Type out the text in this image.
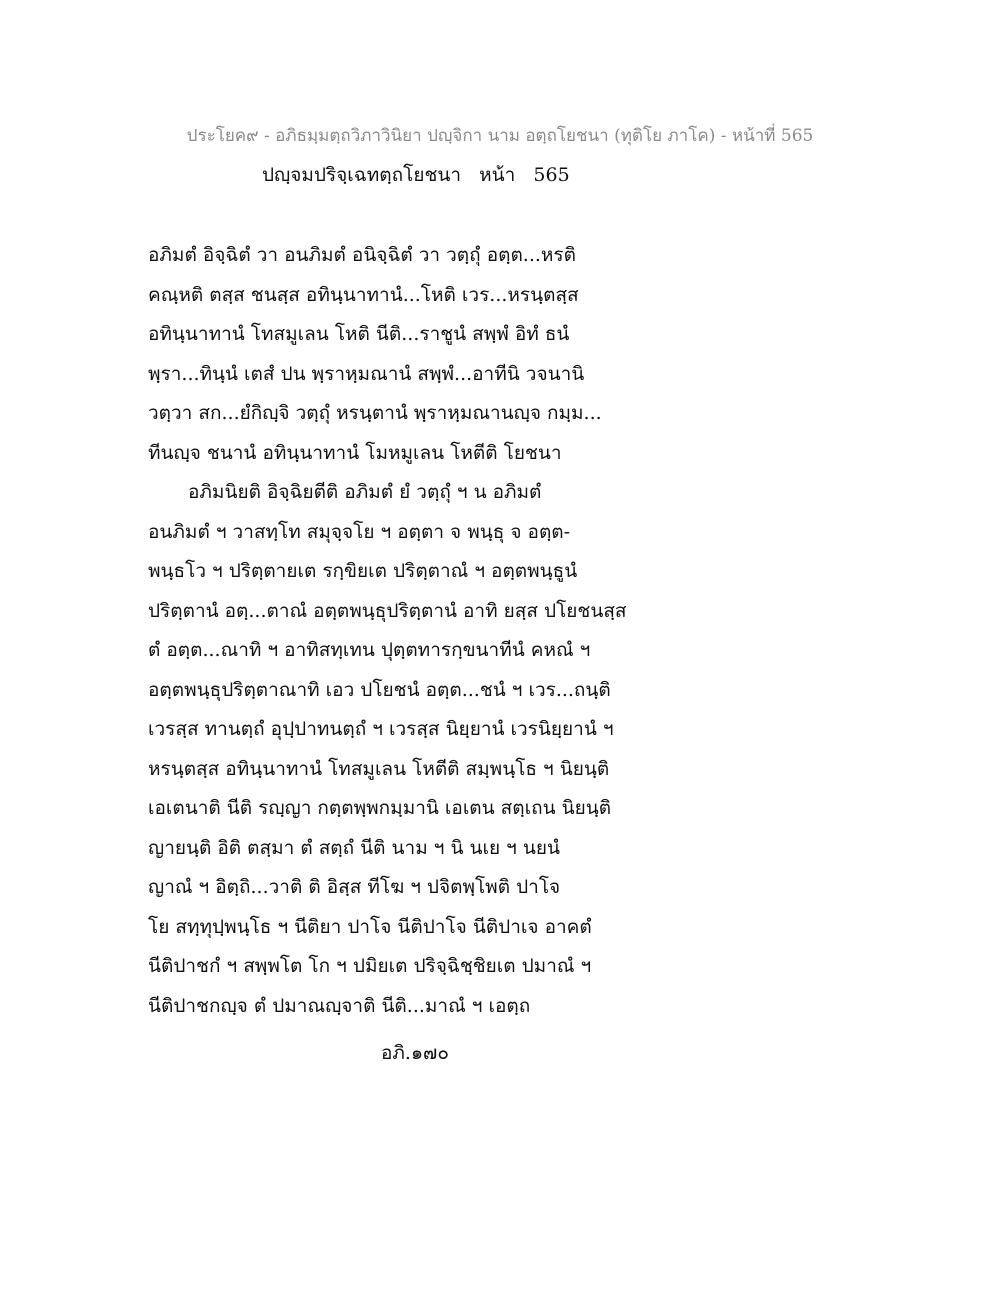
ประโยค๙ - อภิธมฺมตฺถวิภาวินิยา ปญฺจิกา นาม อตฺถโยชนา (ทุติโย ภาโค) - หน้าที่ 565
ปญฺจมปริจฺเฉทตฺถโยชนา   หน้า   565
อภิมตํ อิจฺฉิตํ วา อนภิมตํ อนิจฺฉิตํ วา วตฺถุํ อตฺต...หรติ
คณฺหติ ตสฺส ชนสฺส อทินฺนาทานํ...โหติ เวร...หรนฺตสฺส
อทินฺนาทานํ โทสมูเลน โหติ นีติ...ราชูนํ สพฺพํ อิทํ ธนํ
พฺรา...ทินฺนํ เตสํ ปน พฺราหฺมณานํ สพฺพํ...อาทีนิ วจนานิ
วตฺวา สก...ยํกิญฺจิ วตฺถุํ หรนฺตานํ พฺราหฺมณานญฺจ กมฺม...
ทีนญฺจ ชนานํ อทินฺนาทานํ โมหมูเลน โหตีติ โยชนา
อภิมนิยติ อิจฺฉิยตีติ อภิมตํ ยํ วตฺถุํ ฯ น อภิมตํ
อนภิมตํ ฯ วาสทฺโท สมุจฺจโย ฯ อตฺตา จ พนฺธุ จ อตฺต-
พนฺธโว ฯ ปริตฺตายเต รกฺขิยเต ปริตฺตาณํ ฯ อตฺตพนฺธูนํ
ปริตฺตานํ อตฺ...ตาณํ อตฺตพนฺธุปริตฺตานํ อาทิ ยสฺส ปโยชนสฺส
ตํ อตฺต...ณาทิ ฯ อาทิสทฺเทน ปุตฺตทารกฺขนาทีนํ คหณํ ฯ
อตฺตพนฺธุปริตฺตาณาทิ เอว ปโยชนํ อตฺต...ชนํ ฯ เวร...ถนฺติ
เวรสฺส ทานตฺถํ อุปฺปาทนตฺถํ ฯ เวรสฺส นิยฺยานํ เวรนิยฺยานํ ฯ
หรนฺตสฺส อทินฺนาทานํ โทสมูเลน โหตีติ สมฺพนฺโธ ฯ นิยนฺติ
เอเตนาติ นีติ รญฺญา กตฺตพฺพกมฺมานิ เอเตน สตฺเถน นิยนฺติ
ญายนฺติ อิติ ตสฺมา ตํ สตฺถํ นีติ นาม ฯ นิ นเย ฯ นยนํ
ญาณํ ฯ อิตฺถิ...วาติ ติ อิสฺส ทีโฆ ฯ ปจิตพฺโพติ ปาโจ
โย สทฺทุปฺพนฺโธ ฯ นีติยา ปาโจ นีติปาโจ นีติปาเจ อาคตํ
นีติปาชกํ ฯ สพฺพโต โก ฯ ปมิยเต ปริจฺฉิชฺชิยเต ปมาณํ ฯ
นีติปาชกญฺจ ตํ ปมาณญฺจาติ นีติ...มาณํ ฯ เอตฺถ
อภิ.๑๗๐
